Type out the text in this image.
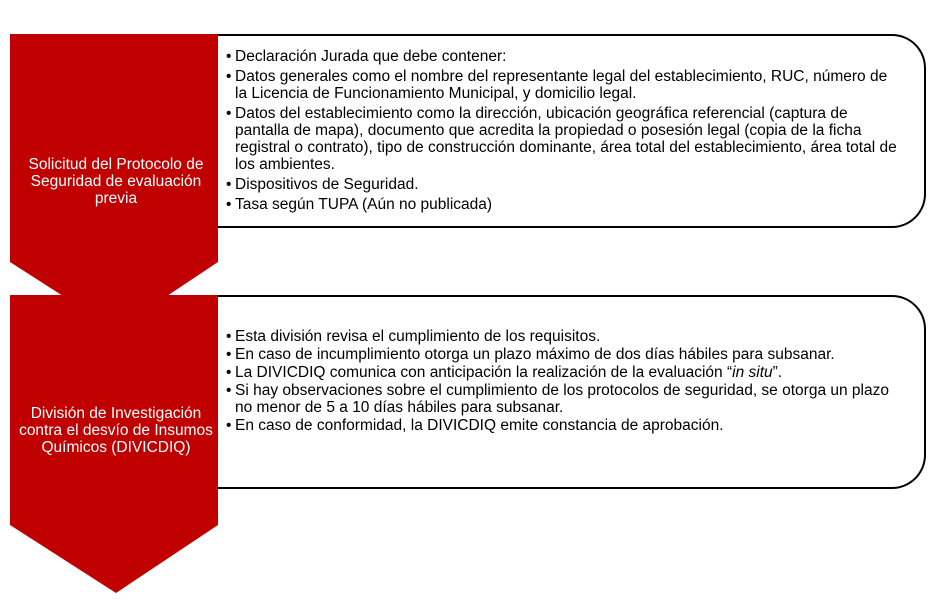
• Declaración Jurada que debe contener:
• Datos generales como el nombre del representante legal del establecimiento, RUC, número de la Licencia de Funcionamiento Municipal, y domicilio legal.
• Datos del establecimiento como la dirección, ubicación geográfica referencial (captura de pantalla de mapa), documento que acredita la propiedad o posesión legal (copia de la ficha registral o contrato), tipo de construcción dominante, área total del establecimiento, área total de los ambientes.
• Dispositivos de Seguridad.
• Tasa según TUPA (Aún no publicada)
Solicitud del Protocolo de Seguridad de evaluación previa
• Esta división revisa el cumplimiento de los requisitos.
• En caso de incumplimiento otorga un plazo máximo de dos días hábiles para subsanar.
• La DIVICDIQ comunica con anticipación la realización de la evaluación “in situ”.
• Si hay observaciones sobre el cumplimiento de los protocolos de seguridad, se otorga un plazo no menor de 5 a 10 días hábiles para subsanar.
• En caso de conformidad, la DIVICDIQ emite constancia de aprobación.
División de Investigación contra el desvío de Insumos Químicos (DIVICDIQ)
